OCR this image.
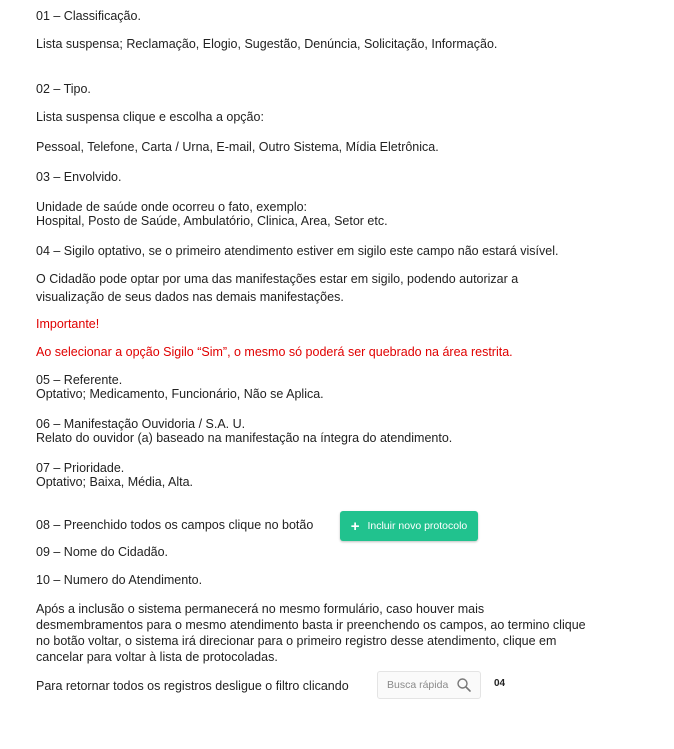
01 – Classificação.
Lista suspensa; Reclamação, Elogio, Sugestão, Denúncia, Solicitação, Informação.
02 – Tipo.
Lista suspensa clique e escolha a opção:
Pessoal, Telefone, Carta / Urna, E-mail, Outro Sistema, Mídia Eletrônica.
03 – Envolvido.
Unidade de saúde onde ocorreu o fato, exemplo:
Hospital, Posto de Saúde, Ambulatório, Clinica, Area, Setor etc.
04 – Sigilo optativo, se o primeiro atendimento estiver em sigilo este campo não estará visível.
O Cidadão pode optar por uma das manifestações estar em sigilo, podendo autorizar a
visualização de seus dados nas demais manifestações.
Importante!
Ao selecionar a opção Sigilo “Sim”, o mesmo só poderá ser quebrado na área restrita.
05 – Referente.
Optativo; Medicamento, Funcionário, Não se Aplica.
06 – Manifestação Ouvidoria / S.A. U.
Relato do ouvidor (a) baseado na manifestação na íntegra do atendimento.
07 – Prioridade.
Optativo; Baixa, Média, Alta.
08 – Preenchido todos os campos clique no botão
09 – Nome do Cidadão.
10 – Numero do Atendimento.
Após a inclusão o sistema permanecerá no mesmo formulário, caso houver mais
desmembramentos para o mesmo atendimento basta ir preenchendo os campos, ao termino clique
no botão voltar, o sistema irá direcionar para o primeiro registro desse atendimento, clique em
cancelar para voltar à lista de protocoladas.
Para retornar todos os registros desligue o filtro clicando
+ Incluir novo protocolo
Busca rápida	04
